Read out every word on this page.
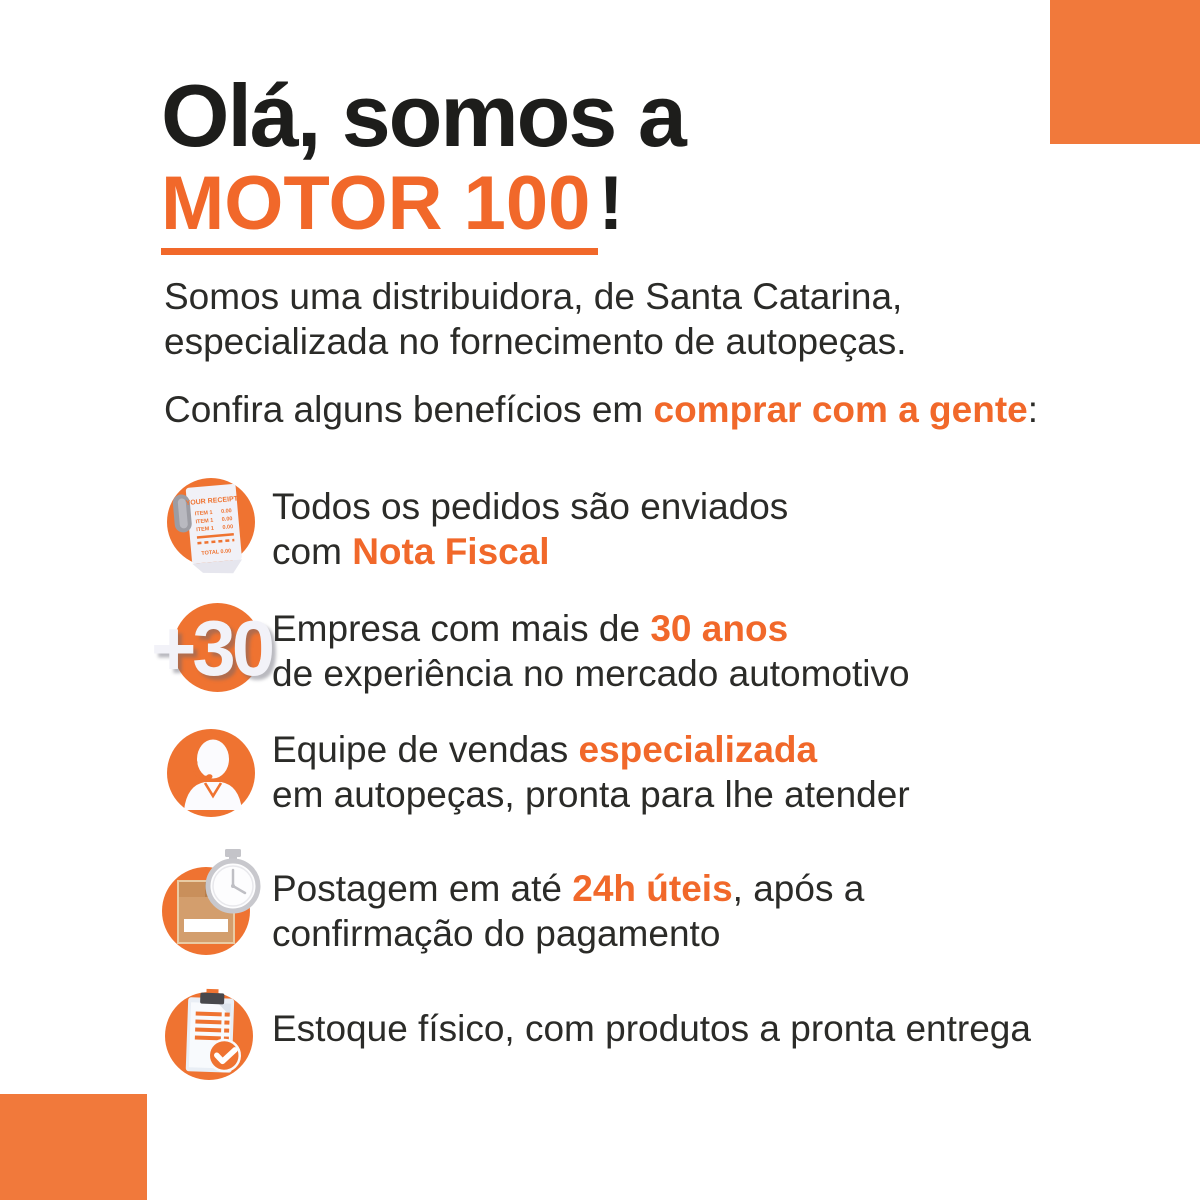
Olá, somos a
MOTOR 100 !

Somos uma distribuidora, de Santa Catarina,
especializada no fornecimento de autopeças.

Confira alguns benefícios em comprar com a gente:

YOUR RECEIPT
ITEM 1 0.00
ITEM 1 0.00
ITEM 1 0.00
TOTAL 0.00
Todos os pedidos são enviados
com Nota Fiscal
+30 Empresa com mais de 30 anos
de experiência no mercado automotivo
Equipe de vendas especializada
em autopeças, pronta para lhe atender
Postagem em até 24h úteis, após a
confirmação do pagamento
Estoque físico, com produtos a pronta entrega
